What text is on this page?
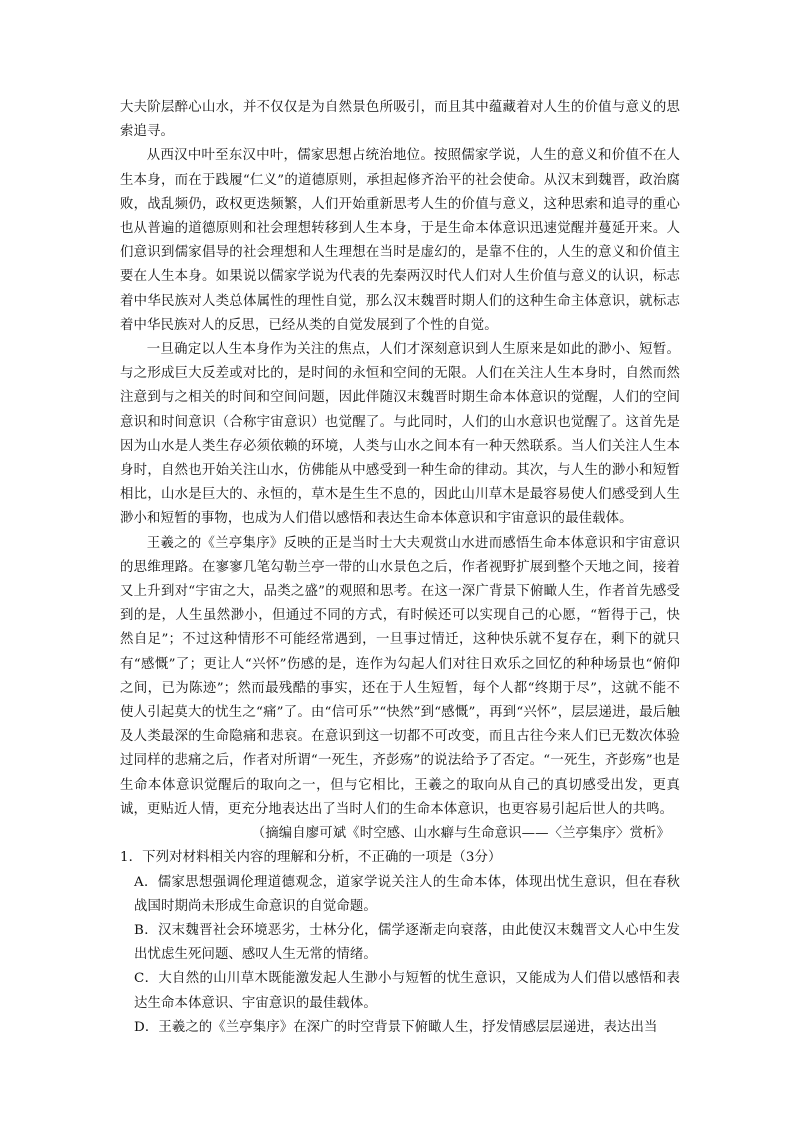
大夫阶层醉心山水，并不仅仅是为自然景色所吸引，而且其中蕴藏着对人生的价值与意义的思索追寻。

从西汉中叶至东汉中叶，儒家思想占统治地位。按照儒家学说，人生的意义和价值不在人生本身，而在于践履“仁义”的道德原则，承担起修齐治平的社会使命。从汉末到魏晋，政治腐败，战乱频仍，政权更迭频繁，人们开始重新思考人生的价值与意义，这种思索和追寻的重心也从普遍的道德原则和社会理想转移到人生本身，于是生命本体意识迅速觉醒并蔓延开来。人们意识到儒家倡导的社会理想和人生理想在当时是虚幻的，是靠不住的，人生的意义和价值主要在人生本身。如果说以儒家学说为代表的先秦两汉时代人们对人生价值与意义的认识，标志着中华民族对人类总体属性的理性自觉，那么汉末魏晋时期人们的这种生命主体意识，就标志着中华民族对人的反思，已经从类的自觉发展到了个性的自觉。

一旦确定以人生本身作为关注的焦点，人们才深刻意识到人生原来是如此的渺小、短暂。与之形成巨大反差或对比的，是时间的永恒和空间的无限。人们在关注人生本身时，自然而然注意到与之相关的时间和空间问题，因此伴随汉末魏晋时期生命本体意识的觉醒，人们的空间意识和时间意识（合称宇宙意识）也觉醒了。与此同时，人们的山水意识也觉醒了。这首先是因为山水是人类生存必须依赖的环境，人类与山水之间本有一种天然联系。当人们关注人生本身时，自然也开始关注山水，仿佛能从中感受到一种生命的律动。其次，与人生的渺小和短暂相比，山水是巨大的、永恒的，草木是生生不息的，因此山川草木是最容易使人们感受到人生渺小和短暂的事物，也成为人们借以感悟和表达生命本体意识和宇宙意识的最佳载体。

王羲之的《兰亭集序》反映的正是当时士大夫观赏山水进而感悟生命本体意识和宇宙意识的思维理路。在寥寥几笔勾勒兰亭一带的山水景色之后，作者视野扩展到整个天地之间，接着又上升到对“宇宙之大，品类之盛”的观照和思考。在这一深广背景下俯瞰人生，作者首先感受到的是，人生虽然渺小，但通过不同的方式，有时候还可以实现自己的心愿，“暂得于己，快然自足”；不过这种情形不可能经常遇到，一旦事过情迁，这种快乐就不复存在，剩下的就只有“感慨”了；更让人“兴怀”伤感的是，连作为勾起人们对往日欢乐之回忆的种种场景也“俯仰之间，已为陈迹”；然而最残酷的事实，还在于人生短暂，每个人都“终期于尽”，这就不能不使人引起莫大的忧生之“痛”了。由“信可乐”“快然”到“感慨”，再到“兴怀”，层层递进，最后触及人类最深的生命隐痛和悲哀。在意识到这一切都不可改变，而且古往今来人们已无数次体验过同样的悲痛之后，作者对所谓“一死生，齐彭殇”的说法给予了否定。“一死生，齐彭殇”也是生命本体意识觉醒后的取向之一，但与它相比，王羲之的取向从自己的真切感受出发，更真诚，更贴近人情，更充分地表达出了当时人们的生命本体意识，也更容易引起后世人的共鸣。

（摘编自廖可斌《时空感、山水癖与生命意识——〈兰亭集序〉赏析》

1．下列对材料相关内容的理解和分析，不正确的一项是（3分）

A．儒家思想强调伦理道德观念，道家学说关注人的生命本体，体现出忧生意识，但在春秋战国时期尚未形成生命意识的自觉命题。

B．汉末魏晋社会环境恶劣，士林分化，儒学逐渐走向衰落，由此使汉末魏晋文人心中生发出忧虑生死问题、感叹人生无常的情绪。

C．大自然的山川草木既能激发起人生渺小与短暂的忧生意识，又能成为人们借以感悟和表达生命本体意识、宇宙意识的最佳载体。

D．王羲之的《兰亭集序》在深广的时空背景下俯瞰人生，抒发情感层层递进，表达出当
